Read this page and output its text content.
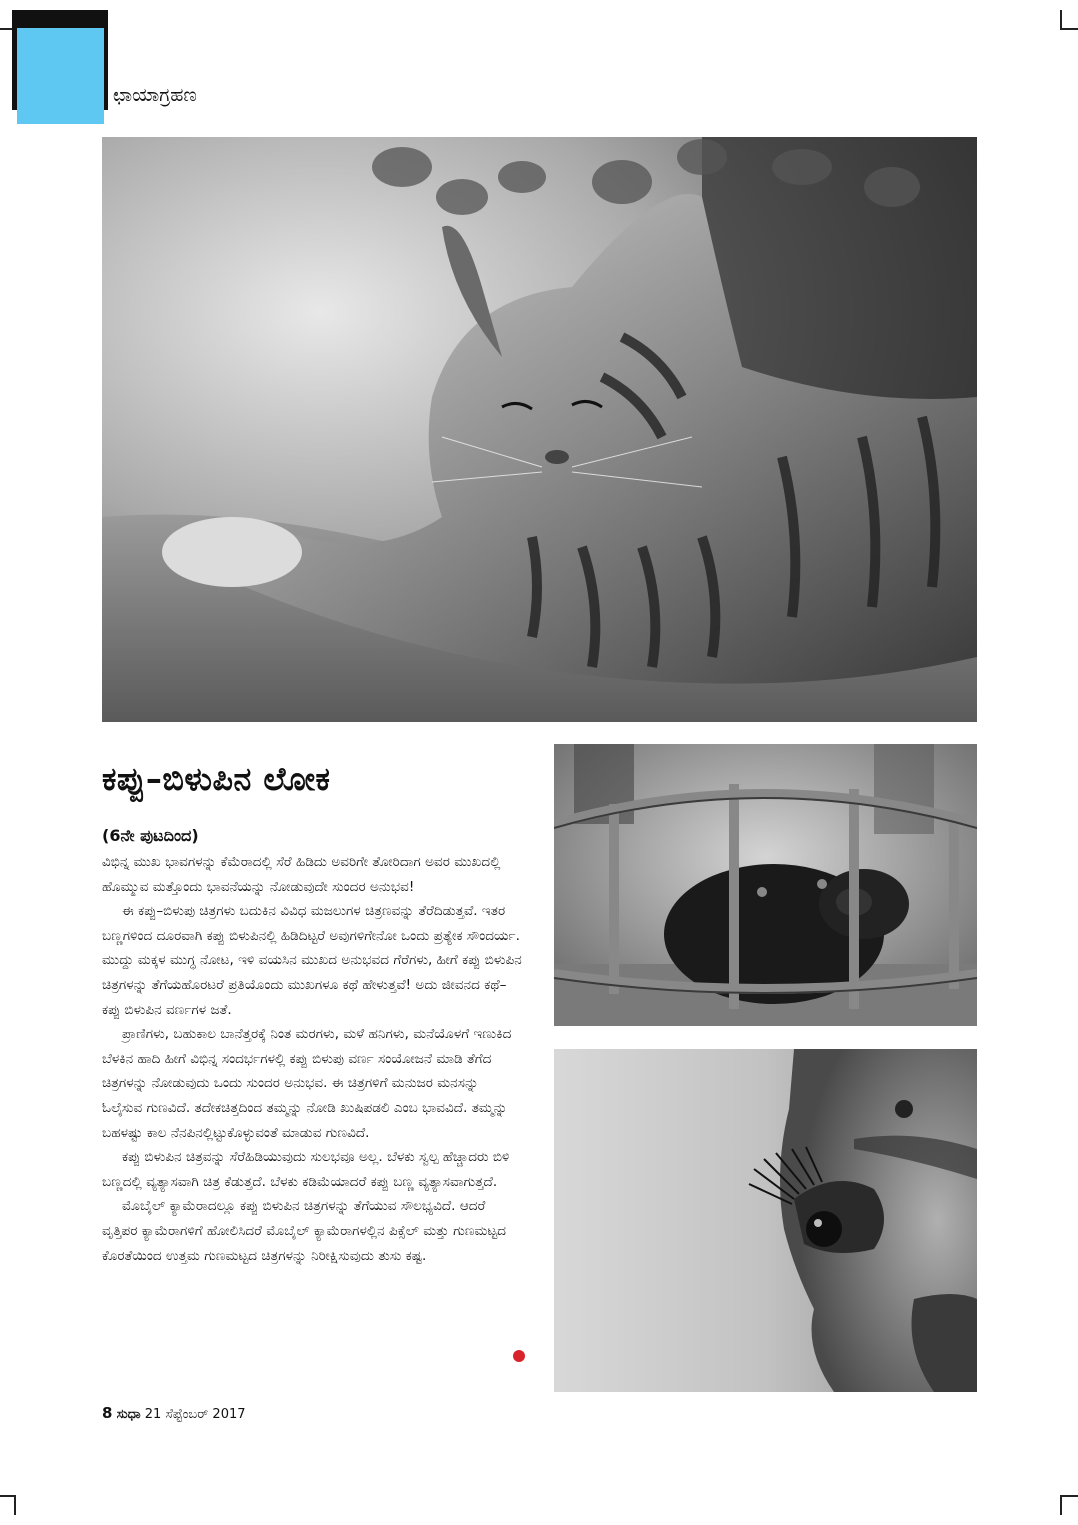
ಛಾಯಾಗ್ರಹಣ
ಕಪ್ಪು–ಬಿಳುಪಿನ ಲೋಕ
(6ನೇ ಪುಟದಿಂದ)

ವಿಭಿನ್ನ ಮುಖ ಭಾವಗಳನ್ನು ಕೆಮೆರಾದಲ್ಲಿ ಸೆರೆ ಹಿಡಿದು ಅವರಿಗೇ ತೋರಿದಾಗ ಅವರ ಮುಖದಲ್ಲಿ ಹೊಮ್ಮುವ ಮತ್ತೊಂದು ಭಾವನೆಯನ್ನು ನೋಡುವುದೇ ಸುಂದರ ಅನುಭವ!

ಈ ಕಪ್ಪು–ಬಿಳುಪು ಚಿತ್ರಗಳು ಬದುಕಿನ ವಿವಿಧ ಮಜಲುಗಳ ಚಿತ್ರಣವನ್ನು ತೆರೆದಿಡುತ್ತವೆ. ಇತರ ಬಣ್ಣಗಳಿಂದ ದೂರವಾಗಿ ಕಪ್ಪು ಬಿಳುಪಿನಲ್ಲಿ ಹಿಡಿದಿಟ್ಟರೆ ಅವುಗಳಿಗೇನೋ ಒಂದು ಪ್ರತ್ಯೇಕ ಸೌಂದರ್ಯ. ಮುದ್ದು ಮಕ್ಕಳ ಮುಗ್ಧ ನೋಟ, ಇಳಿ ವಯಸಿನ ಮುಖದ ಅನುಭವದ ಗೆರೆಗಳು, ಹೀಗೆ ಕಪ್ಪು ಬಿಳುಪಿನ ಚಿತ್ರಗಳನ್ನು ತೆಗೆಯಹೊರಟರೆ ಪ್ರತಿಯೊಂದು ಮುಖಗಳೂ ಕಥೆ ಹೇಳುತ್ತವೆ! ಅದು ಜೀವನದ ಕಥೆ– ಕಪ್ಪು ಬಿಳುಪಿನ ವರ್ಣಗಳ ಜತೆ.

ಪ್ರಾಣಿಗಳು, ಬಹುಕಾಲ ಬಾನೆತ್ತರಕ್ಕೆ ನಿಂತ ಮರಗಳು, ಮಳೆ ಹನಿಗಳು, ಮನೆಯೊಳಗೆ ಇಣುಕಿದ ಬೆಳಕಿನ ಹಾದಿ ಹೀಗೆ ವಿಭಿನ್ನ ಸಂದರ್ಭಗಳಲ್ಲಿ ಕಪ್ಪು ಬಿಳುಪು ವರ್ಣ ಸಂಯೋಜನೆ ಮಾಡಿ ತೆಗೆದ ಚಿತ್ರಗಳನ್ನು ನೋಡುವುದು ಒಂದು ಸುಂದರ ಅನುಭವ. ಈ ಚಿತ್ರಗಳಿಗೆ ಮನುಜರ ಮನಸನ್ನು ಓಲೈಸುವ ಗುಣವಿದೆ. ತದೇಕಚಿತ್ತದಿಂದ ತಮ್ಮನ್ನು ನೋಡಿ ಖುಷಿಪಡಲಿ ಎಂಬ ಭಾವವಿದೆ. ತಮ್ಮನ್ನು ಬಹಳಷ್ಟು ಕಾಲ ನೆನಪಿನಲ್ಲಿಟ್ಟುಕೊಳ್ಳುವಂತೆ ಮಾಡುವ ಗುಣವಿದೆ.

ಕಪ್ಪು ಬಿಳುಪಿನ ಚಿತ್ರವನ್ನು ಸೆರೆಹಿಡಿಯುವುದು ಸುಲಭವೂ ಅಲ್ಲ. ಬೆಳಕು ಸ್ವಲ್ಪ ಹೆಚ್ಚಾದರು ಬಿಳಿ ಬಣ್ಣದಲ್ಲಿ ವ್ಯತ್ಯಾಸವಾಗಿ ಚಿತ್ರ ಕೆಡುತ್ತದೆ. ಬೆಳಕು ಕಡಿಮೆಯಾದರೆ ಕಪ್ಪು ಬಣ್ಣ ವ್ಯತ್ಯಾಸವಾಗುತ್ತದೆ.

ಮೊಬೈಲ್ ಕ್ಯಾಮೆರಾದಲ್ಲೂ ಕಪ್ಪು ಬಿಳುಪಿನ ಚಿತ್ರಗಳನ್ನು ತೆಗೆಯುವ ಸೌಲಭ್ಯವಿದೆ. ಆದರೆ ವೃತ್ತಿಪರ ಕ್ಯಾಮೆರಾಗಳಿಗೆ ಹೋಲಿಸಿದರೆ ಮೊಬೈಲ್ ಕ್ಯಾಮೆರಾಗಳಲ್ಲಿನ ಪಿಕ್ಸೆಲ್ ಮತ್ತು ಗುಣಮಟ್ಟದ ಕೊರತೆಯಿಂದ ಉತ್ತಮ ಗುಣಮಟ್ಟದ ಚಿತ್ರಗಳನ್ನು ನಿರೀಕ್ಷಿಸುವುದು ತುಸು ಕಷ್ಟ.

8 ಸುಧಾ 21 ಸೆಪ್ಟೆಂಬರ್ 2017
